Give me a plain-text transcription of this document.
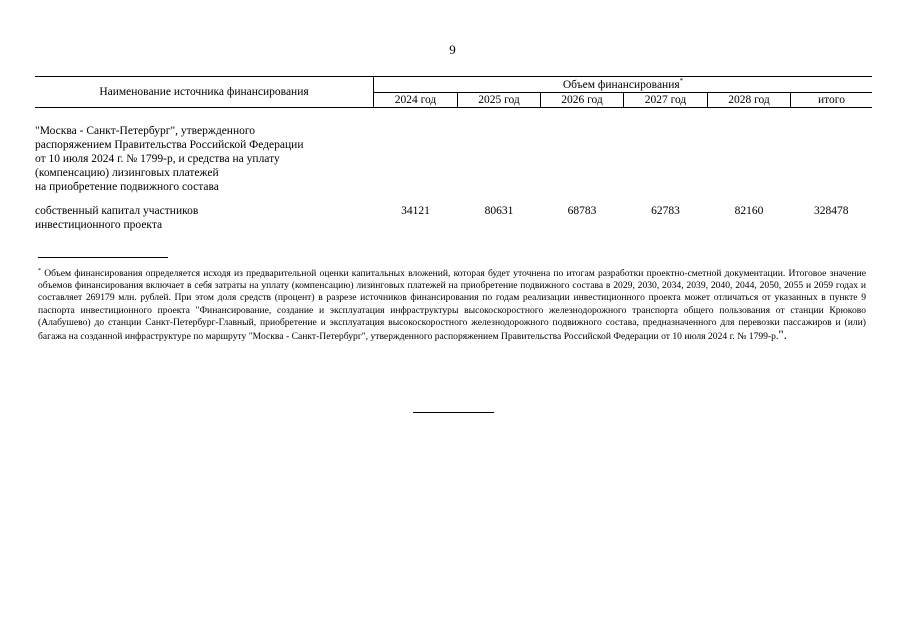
9
Наименование источника финансирования	Объем финансирования*
	2024 год	2025 год	2026 год	2027 год	2028 год	итого

"Москва - Санкт-Петербург", утвержденного
распоряжением Правительства Российской Федерации
от 10 июля 2024 г. № 1799-р, и средства на уплату
(компенсацию) лизинговых платежей
на приобретение подвижного состава						

собственный капитал участников
инвестиционного проекта	34121	80631	68783	62783	82160	328478
* Объем финансирования определяется исходя из предварительной оценки капитальных вложений, которая будет уточнена по итогам разработки проектно-сметной документации. Итоговое значение объемов финансирования включает в себя затраты на уплату (компенсацию) лизинговых платежей на приобретение подвижного состава в 2029, 2030, 2034, 2039, 2040, 2044, 2050, 2055 и 2059 годах и составляет 269179 млн. рублей. При этом доля средств (процент) в разрезе источников финансирования по годам реализации инвестиционного проекта может отличаться от указанных в пункте 9 паспорта инвестиционного проекта "Финансирование, создание и эксплуатация инфраструктуры высокоскоростного железнодорожного транспорта общего пользования от станции Крюково (Алабушево) до станции Санкт-Петербург-Главный, приобретение и эксплуатация высокоскоростного железнодорожного подвижного состава, предназначенного для перевозки пассажиров и (или) багажа на созданной инфраструктуре по маршруту "Москва - Санкт-Петербург", утвержденного распоряжением Правительства Российской Федерации от 10 июля 2024 г. № 1799-р.".
